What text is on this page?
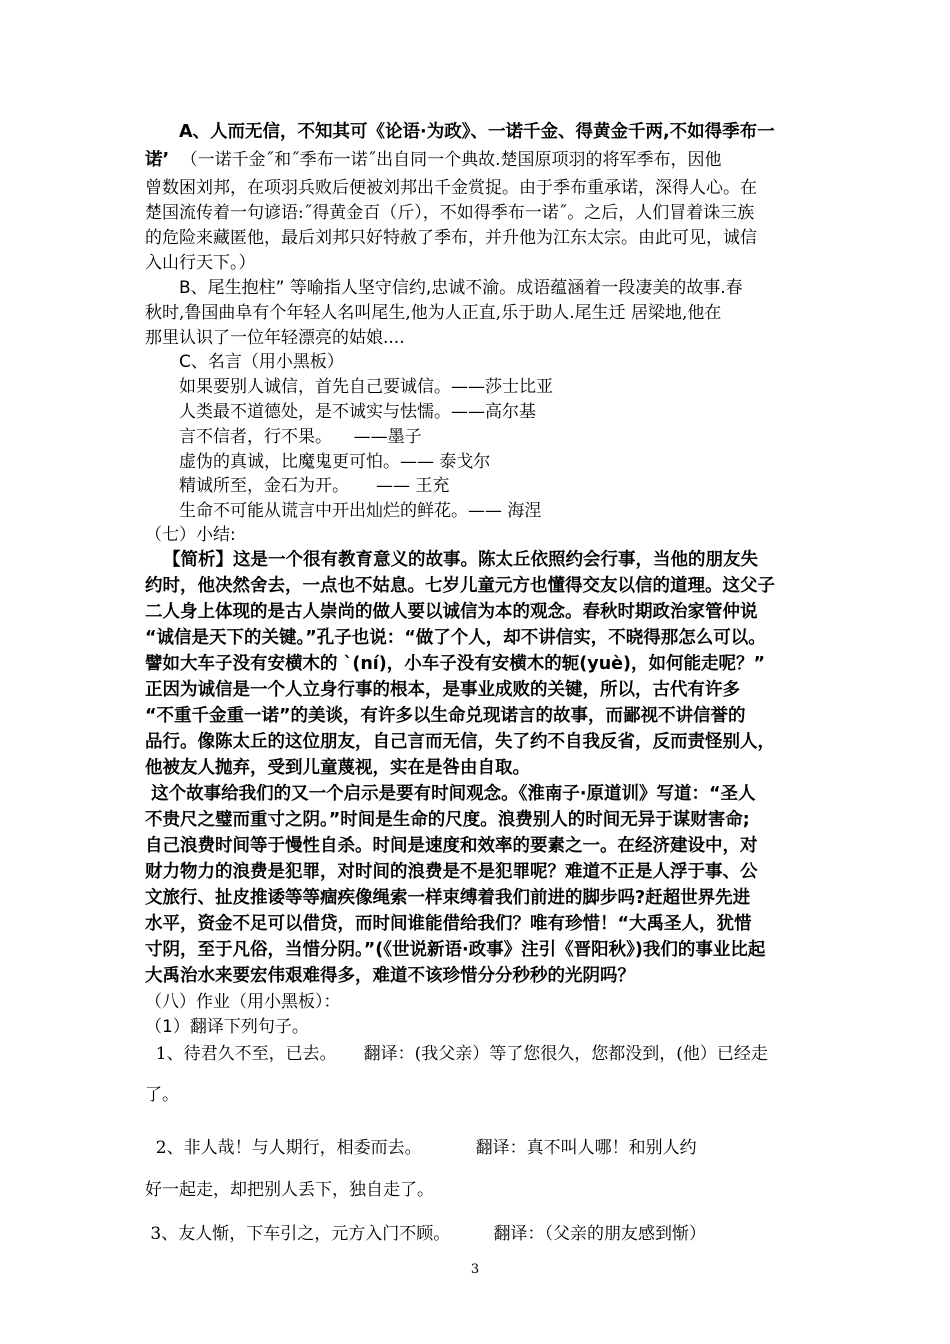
A、人而无信，不知其可《论语·为政》、一诺千金、得黄金千两,不如得季布一
诺’ （一诺千金˝和˝季布一诺˝出自同一个典故.楚国原项羽的将军季布，因他
曾数困刘邦，在项羽兵败后便被刘邦出千金赏捉。由于季布重承诺，深得人心。在
楚国流传着一句谚语:˝得黄金百（斤），不如得季布一诺˝。之后，人们冒着诛三族
的危险来藏匿他，最后刘邦只好特赦了季布，并升他为江东太宗。由此可见，诚信
入山行天下。）
B、尾生抱柱” 等喻指人坚守信约,忠诚不渝。成语蕴涵着一段凄美的故事.春
秋时,鲁国曲阜有个年轻人名叫尾生,他为人正直,乐于助人.尾生迁 居梁地,他在
那里认识了一位年轻漂亮的姑娘....
C、名言（用小黑板）
如果要别人诚信，首先自己要诚信。——莎士比亚
人类最不道德处，是不诚实与怯懦。——高尔基
言不信者，行不果。    ——墨子
虚伪的真诚，比魔鬼更可怕。—— 泰戈尔
精诚所至，金石为开。     —— 王充
生命不可能从谎言中开出灿烂的鲜花。—— 海涅
（七）小结:
【简析】这是一个很有教育意义的故事。陈太丘依照约会行事，当他的朋友失
约时，他决然舍去，一点也不姑息。七岁儿童元方也懂得交友以信的道理。这父子
二人身上体现的是古人崇尚的做人要以诚信为本的观念。春秋时期政治家管仲说
“诚信是天下的关键。”孔子也说：“做了个人，却不讲信实，不晓得那怎么可以。
譬如大车子没有安横木的 `(ní)，小车子没有安横木的轭(yuè)，如何能走呢？”
正因为诚信是一个人立身行事的根本，是事业成败的关键，所以，古代有许多
“不重千金重一诺”的美谈，有许多以生命兑现诺言的故事，而鄙视不讲信誉的
品行。像陈太丘的这位朋友，自己言而无信，失了约不自我反省，反而责怪别人，
他被友人抛弃，受到儿童蔑视，实在是咎由自取。
这个故事给我们的又一个启示是要有时间观念。《淮南子·原道训》写道：“圣人
不贵尺之璧而重寸之阴。”时间是生命的尺度。浪费别人的时间无异于谋财害命;
自己浪费时间等于慢性自杀。时间是速度和效率的要素之一。在经济建设中，对
财力物力的浪费是犯罪，对时间的浪费是不是犯罪呢？难道不正是人浮于事、公
文旅行、扯皮推诿等等痼疾像绳索一样束缚着我们前进的脚步吗?赶超世界先进
水平，资金不足可以借贷，而时间谁能借给我们？唯有珍惜！“大禹圣人，犹惜
寸阴，至于凡俗，当惜分阴。”(《世说新语·政事》注引《晋阳秋》)我们的事业比起
大禹治水来要宏伟艰难得多，难道不该珍惜分分秒秒的光阴吗？
（八）作业（用小黑板）：
（1）翻译下列句子。
1、待君久不至，已去。     翻译：(我父亲）等了您很久，您都没到，(他）已经走
了。
2、非人哉！与人期行，相委而去。          翻译：真不叫人哪！和别人约
好一起走，却把别人丢下，独自走了。
3、友人惭，下车引之，元方入门不顾。        翻译：（父亲的朋友感到惭）
3
